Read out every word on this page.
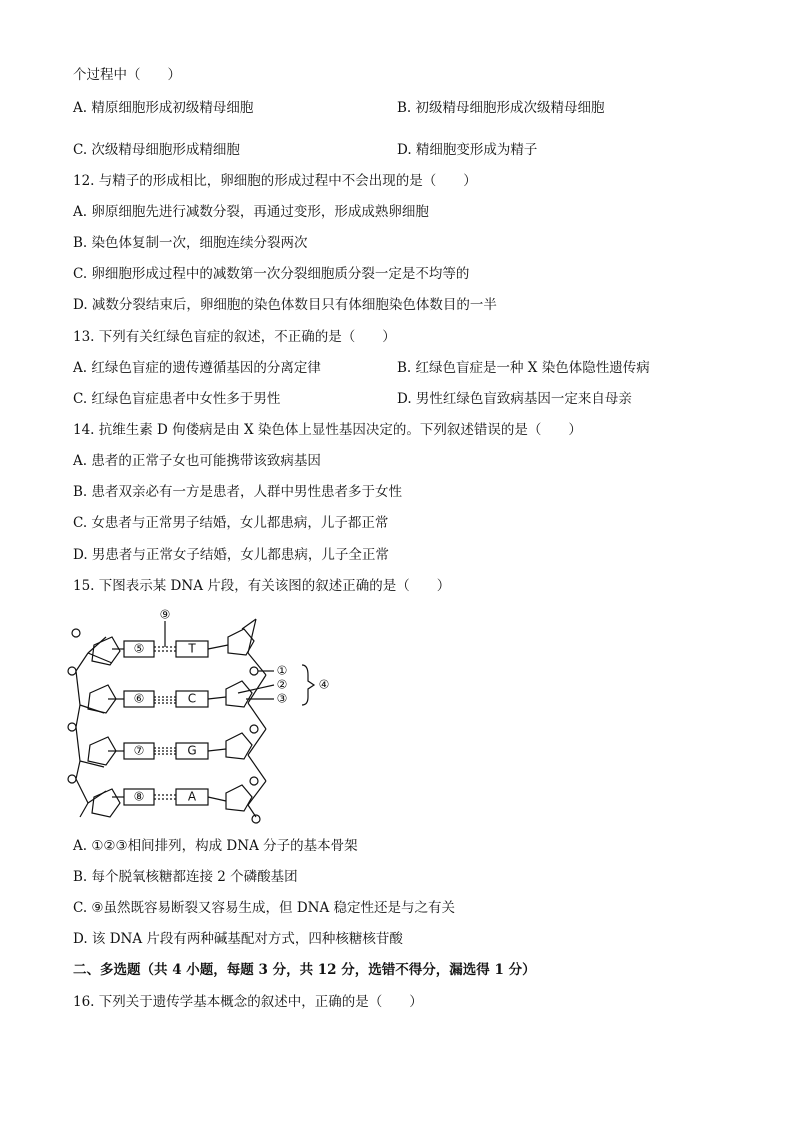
个过程中（　　）
A. 精原细胞形成初级精母细胞	B. 初级精母细胞形成次级精母细胞
C. 次级精母细胞形成精细胞	D. 精细胞变形成为精子
12. 与精子的形成相比，卵细胞的形成过程中不会出现的是（　　）
A. 卵原细胞先进行减数分裂，再通过变形，形成成熟卵细胞
B. 染色体复制一次，细胞连续分裂两次
C. 卵细胞形成过程中的减数第一次分裂细胞质分裂一定是不均等的
D. 减数分裂结束后，卵细胞的染色体数目只有体细胞染色体数目的一半
13. 下列有关红绿色盲症的叙述，不正确的是（　　）
A. 红绿色盲症的遗传遵循基因的分离定律	B. 红绿色盲症是一种 X 染色体隐性遗传病
C. 红绿色盲症患者中女性多于男性	D. 男性红绿色盲致病基因一定来自母亲
14. 抗维生素 D 佝偻病是由 X 染色体上显性基因决定的。下列叙述错误的是（　　）
A. 患者的正常子女也可能携带该致病基因
B. 患者双亲必有一方是患者，人群中男性患者多于女性
C. 女患者与正常男子结婚，女儿都患病，儿子都正常
D. 男患者与正常女子结婚，女儿都患病，儿子全正常
15. 下图表示某 DNA 片段，有关该图的叙述正确的是（　　）
⑤
⑥
⑦
⑧
T
C
G
A
⑨
①
②
③
④
A. ①②③相间排列，构成 DNA 分子的基本骨架
B. 每个脱氧核糖都连接 2 个磷酸基团
C. ⑨虽然既容易断裂又容易生成，但 DNA 稳定性还是与之有关
D. 该 DNA 片段有两种碱基配对方式，四种核糖核苷酸
二、多选题（共 4 小题，每题 3 分，共 12 分，选错不得分，漏选得 1 分）
16. 下列关于遗传学基本概念的叙述中，正确的是（　　）
